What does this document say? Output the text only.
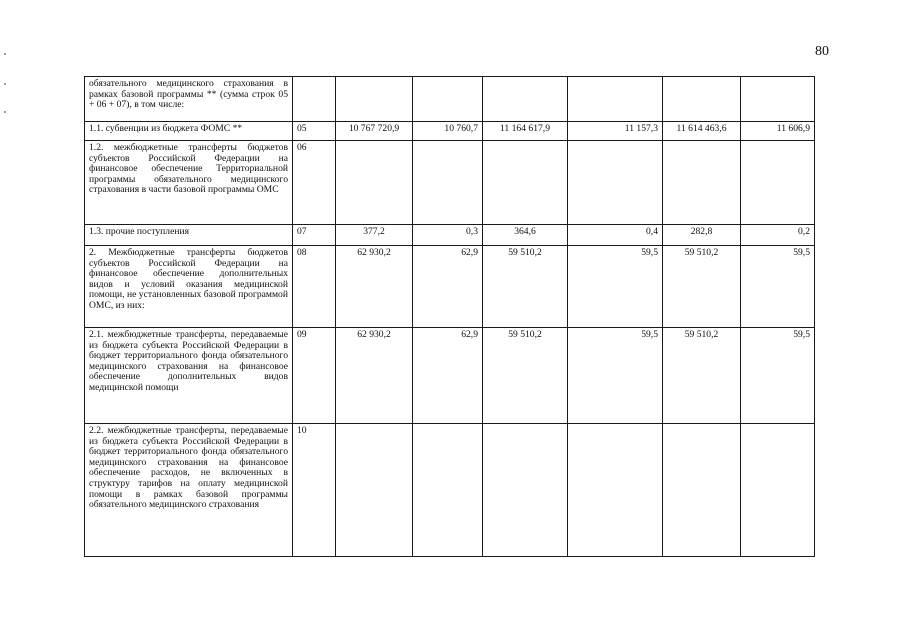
80
обязательного медицинского страхования в рамках базовой программы ** (сумма строк 05 + 06 + 07), в том числе:							
1.1. субвенции из бюджета ФОМС **	05	10 767 720,9	10 760,7	11 164 617,9	11 157,3	11 614 463,6	11 606,9
1.2. межбюджетные трансферты бюджетов субъектов Российской Федерации на финансовое обеспечение Территориальной программы обязательного медицинского страхования в части базовой программы ОМС	06						
1.3. прочие поступления	07	377,2	0,3	364,6	0,4	282,8	0,2
2. Межбюджетные трансферты бюджетов субъектов Российской Федерации на финансовое обеспечение дополнительных видов и условий оказания медицинской помощи, не установленных базовой программой ОМС, из них:	08	62 930,2	62,9	59 510,2	59,5	59 510,2	59,5
2.1. межбюджетные трансферты, передаваемые из бюджета субъекта Российской Федерации в бюджет территориального фонда обязательного медицинского страхования на финансовое обеспечение дополнительных видов медицинской помощи	09	62 930,2	62,9	59 510,2	59,5	59 510,2	59,5
2.2. межбюджетные трансферты, передаваемые из бюджета субъекта Российской Федерации в бюджет территориального фонда обязательного медицинского страхования на финансовое обеспечение расходов, не включенных в структуру тарифов на оплату медицинской помощи в рамках базовой программы обязательного медицинского страхования	10						
